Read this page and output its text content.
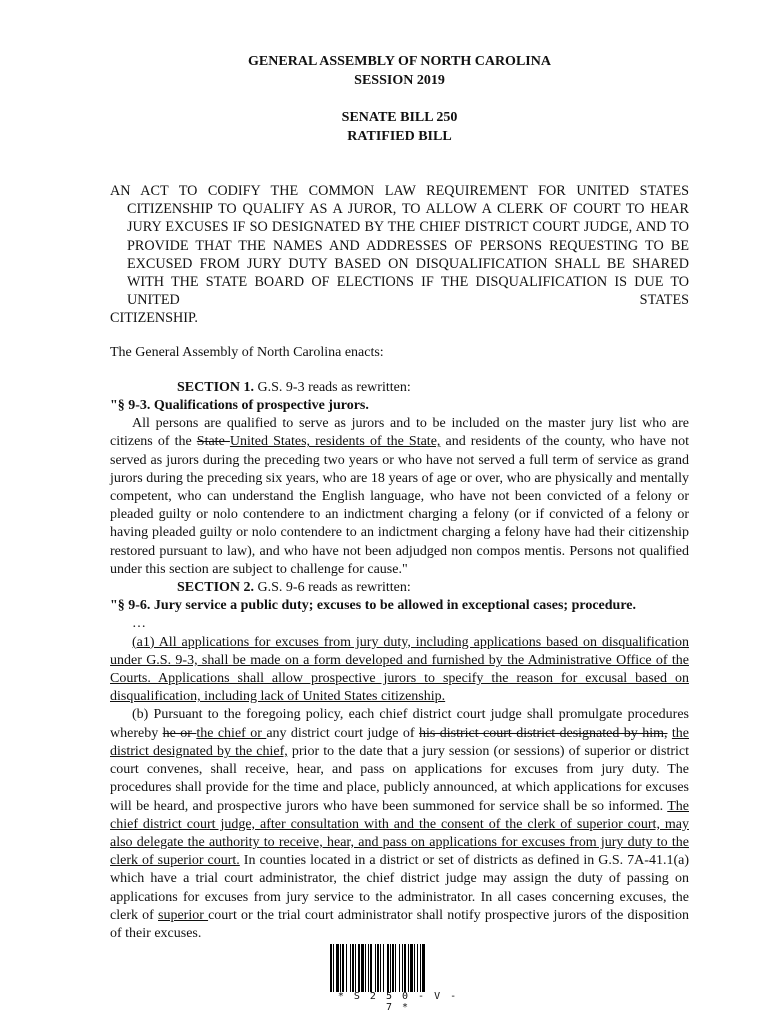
GENERAL ASSEMBLY OF NORTH CAROLINA
SESSION 2019
SENATE BILL 250
RATIFIED BILL
AN ACT TO CODIFY THE COMMON LAW REQUIREMENT FOR UNITED STATES CITIZENSHIP TO QUALIFY AS A JUROR, TO ALLOW A CLERK OF COURT TO HEAR JURY EXCUSES IF SO DESIGNATED BY THE CHIEF DISTRICT COURT JUDGE, AND TO PROVIDE THAT THE NAMES AND ADDRESSES OF PERSONS REQUESTING TO BE EXCUSED FROM JURY DUTY BASED ON DISQUALIFICATION SHALL BE SHARED WITH THE STATE BOARD OF ELECTIONS IF THE DISQUALIFICATION IS DUE TO UNITED STATES
CITIZENSHIP.

The General Assembly of North Carolina enacts:

SECTION 1. G.S. 9-3 reads as rewritten:

"§ 9-3. Qualifications of prospective jurors.

All persons are qualified to serve as jurors and to be included on the master jury list who are citizens of the State United States, residents of the State, and residents of the county, who have not served as jurors during the preceding two years or who have not served a full term of service as grand jurors during the preceding six years, who are 18 years of age or over, who are physically and mentally competent, who can understand the English language, who have not been convicted of a felony or pleaded guilty or nolo contendere to an indictment charging a felony (or if convicted of a felony or having pleaded guilty or nolo contendere to an indictment charging a felony have had their citizenship restored pursuant to law), and who have not been adjudged non compos mentis. Persons not qualified under this section are subject to challenge for cause."

SECTION 2. G.S. 9-6 reads as rewritten:

"§ 9-6. Jury service a public duty; excuses to be allowed in exceptional cases; procedure.

…

(a1) All applications for excuses from jury duty, including applications based on disqualification under G.S. 9-3, shall be made on a form developed and furnished by the Administrative Office of the Courts. Applications shall allow prospective jurors to specify the reason for excusal based on disqualification, including lack of United States citizenship.

(b) Pursuant to the foregoing policy, each chief district court judge shall promulgate procedures whereby he or the chief or any district court judge of his district court district designated by him, the district designated by the chief, prior to the date that a jury session (or sessions) of superior or district court convenes, shall receive, hear, and pass on applications for excuses from jury duty. The procedures shall provide for the time and place, publicly announced, at which applications for excuses will be heard, and prospective jurors who have been summoned for service shall be so informed. The chief district court judge, after consultation with and the consent of the clerk of superior court, may also delegate the authority to receive, hear, and pass on applications for excuses from jury duty to the clerk of superior court. In counties located in a district or set of districts as defined in G.S. 7A-41.1(a) which have a trial court administrator, the chief district judge may assign the duty of passing on applications for excuses from jury service to the administrator. In all cases concerning excuses, the clerk of superior court or the trial court administrator shall notify prospective jurors of the disposition of their excuses.

* S 2 5 0 - V - 7 *
